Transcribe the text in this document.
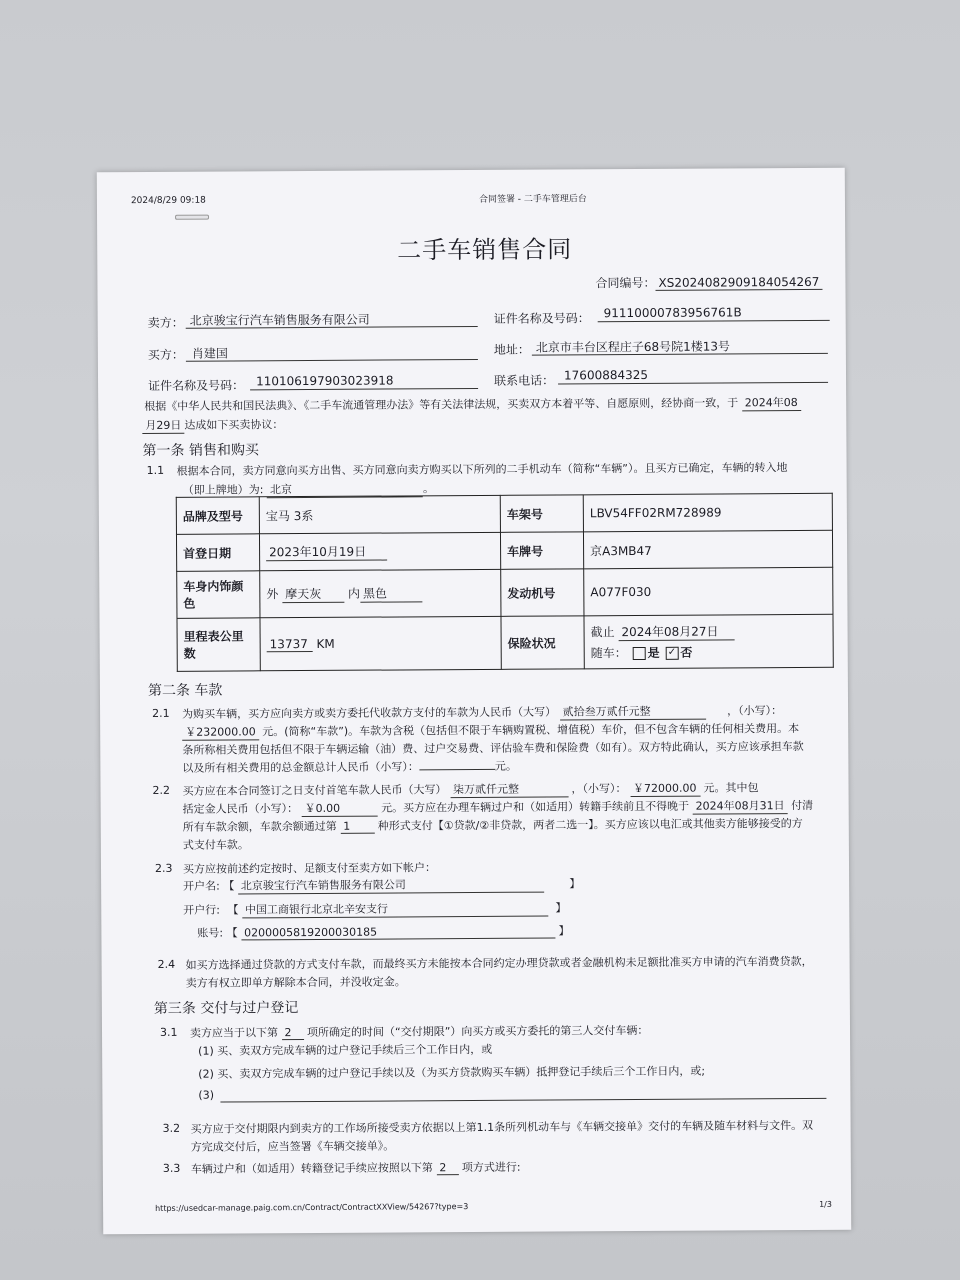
2024/8/29 09:18	合同签署 - 二手车管理后台
二手车销售合同
合同编号： XS2024082909184054267
卖方： 北京骏宝行汽车销售服务有限公司	证件名称及号码： 91110000783956761B
买方： 肖建国	地址： 北京市丰台区程庄子68号院1楼13号
证件名称及号码： 110106197903023918	联系电话： 17600884325
根据《中华人民共和国民法典》、《二手车流通管理办法》等有关法律法规，买卖双方本着平等、自愿原则，经协商一致，于 2024年08
月29日 达成如下买卖协议：
第一条 销售和购买
1.1 根据本合同，卖方同意向买方出售、买方同意向卖方购买以下所列的二手机动车（简称“车辆”）。且买方已确定，车辆的转入地
（即上牌地）为: 北京	。
品牌及型号	宝马 3系	车架号	LBV54FF02RM728989
首登日期	2023年10月19日	车牌号	京A3MB47
车身内饰颜色	外 摩天灰 内 黑色	发动机号	A077F030
里程表公里数	13737 KM	保险状况	截止 2024年08月27日
随车： 是 ✓ 否
第二条 车款
2.1 为购买车辆，买方应向卖方或卖方委托代收款方支付的车款为人民币（大写） 贰拾叁万贰仟元整	，（小写）：
￥232000.00 元。(简称“车款”)。车款为含税（包括但不限于车辆购置税、增值税）车价，但不包含车辆的任何相关费用。本
条所称相关费用包括但不限于车辆运输（油）费、过户交易费、评估验车费和保险费（如有）。双方特此确认，买方应该承担车款
以及所有相关费用的总金额总计人民币（小写）：	元。
2.2 买方应在本合同签订之日支付首笔车款人民币（大写） 柒万贰仟元整	，（小写）： ￥72000.00 元。其中包
括定金人民币（小写）： ￥0.00	元。买方应在办理车辆过户和（如适用）转籍手续前且不得晚于 2024年08月31日 付清
所有车款余额，车款余额通过第 1 种形式支付【①贷款/②非贷款，两者二选一】。买方应该以电汇或其他卖方能够接受的方
式支付车款。
2.3 买方应按前述约定按时、足额支付至卖方如下帐户：
开户名: 【 北京骏宝行汽车销售服务有限公司	】
开户行: 【 中国工商银行北京北辛安支行	】
账号: 【 0200005819200030185	】
2.4 如买方选择通过贷款的方式支付车款，而最终买方未能按本合同约定办理贷款或者金融机构未足额批准买方申请的汽车消费贷款，
卖方有权立即单方解除本合同，并没收定金。
第三条 交付与过户登记
3.1 卖方应当于以下第 2 项所确定的时间（“交付期限”）向买方或买方委托的第三人交付车辆：
(1) 买、卖双方完成车辆的过户登记手续后三个工作日内，或
(2) 买、卖双方完成车辆的过户登记手续以及（为买方贷款购买车辆）抵押登记手续后三个工作日内，或;
(3)
3.2 买方应于交付期限内到卖方的工作场所接受卖方依据以上第1.1条所列机动车与《车辆交接单》交付的车辆及随车材料与文件。双
方完成交付后，应当签署《车辆交接单》。
3.3 车辆过户和（如适用）转籍登记手续应按照以下第 2 项方式进行:
https://usedcar-manage.paig.com.cn/Contract/ContractXXView/54267?type=3	1/3
